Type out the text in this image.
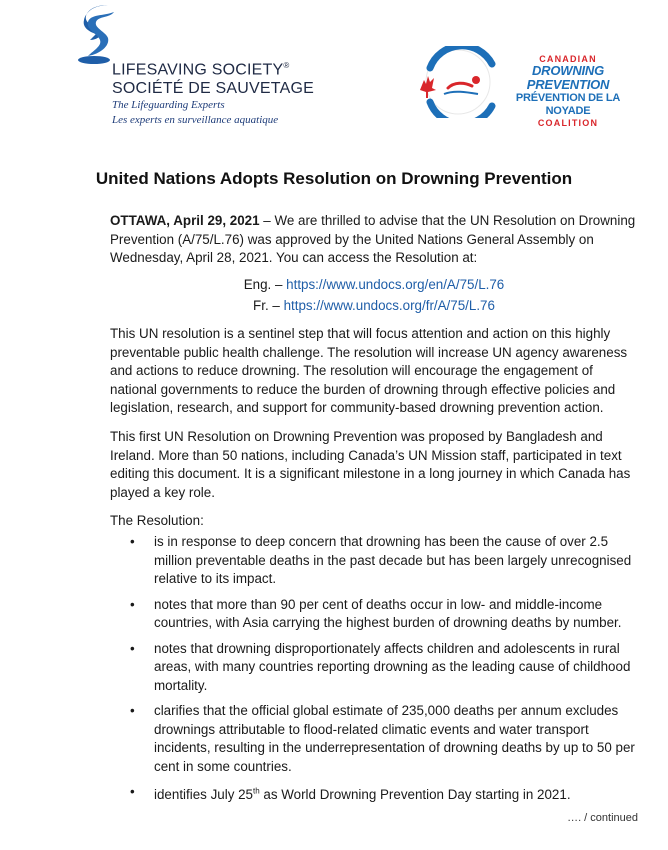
LIFESAVING SOCIETY®
SOCIÉTÉ DE SAUVETAGE
The Lifeguarding Experts
Les experts en surveillance aquatique
CANADIAN
DROWNING PREVENTION
PRÉVENTION DE LA NOYADE
COALITION
United Nations Adopts Resolution on Drowning Prevention
OTTAWA, April 29, 2021 – We are thrilled to advise that the UN Resolution on Drowning Prevention (A/75/L.76) was approved by the United Nations General Assembly on Wednesday, April 28, 2021. You can access the Resolution at:
Eng. – https://www.undocs.org/en/A/75/L.76
Fr. – https://www.undocs.org/fr/A/75/L.76
This UN resolution is a sentinel step that will focus attention and action on this highly preventable public health challenge. The resolution will increase UN agency awareness and actions to reduce drowning. The resolution will encourage the engagement of national governments to reduce the burden of drowning through effective policies and legislation, research, and support for community-based drowning prevention action.
This first UN Resolution on Drowning Prevention was proposed by Bangladesh and Ireland. More than 50 nations, including Canada’s UN Mission staff, participated in text editing this document. It is a significant milestone in a long journey in which Canada has played a key role.
The Resolution:
• is in response to deep concern that drowning has been the cause of over 2.5 million preventable deaths in the past decade but has been largely unrecognised relative to its impact.
• notes that more than 90 per cent of deaths occur in low- and middle-income countries, with Asia carrying the highest burden of drowning deaths by number.
• notes that drowning disproportionately affects children and adolescents in rural areas, with many countries reporting drowning as the leading cause of childhood mortality.
• clarifies that the official global estimate of 235,000 deaths per annum excludes drownings attributable to flood-related climatic events and water transport incidents, resulting in the underrepresentation of drowning deaths by up to 50 per cent in some countries.
• identifies July 25th as World Drowning Prevention Day starting in 2021.
…. / continued
